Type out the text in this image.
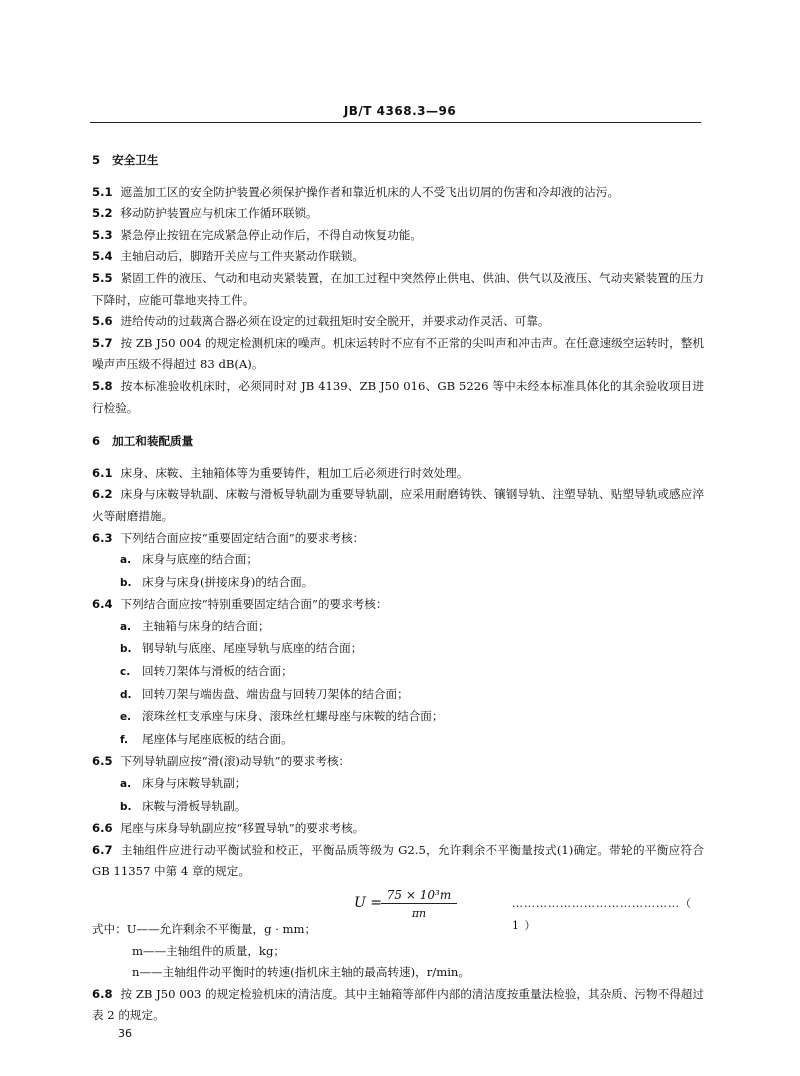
JB/T 4368.3—96
5 安全卫生

5.1 遮盖加工区的安全防护装置必须保护操作者和靠近机床的人不受飞出切屑的伤害和冷却液的沾污。

5.2 移动防护装置应与机床工作循环联锁。

5.3 紧急停止按钮在完成紧急停止动作后，不得自动恢复功能。

5.4 主轴启动后，脚踏开关应与工件夹紧动作联锁。

5.5 紧固工件的液压、气动和电动夹紧装置，在加工过程中突然停止供电、供油、供气以及液压、气动夹紧装置的压力下降时，应能可靠地夹持工件。

5.6 进给传动的过载离合器必须在设定的过载扭矩时安全脱开，并要求动作灵活、可靠。

5.7 按 ZB J50 004 的规定检测机床的噪声。机床运转时不应有不正常的尖叫声和冲击声。在任意速级空运转时，整机噪声声压级不得超过 83 dB(A)。

5.8 按本标准验收机床时，必须同时对 JB 4139、ZB J50 016、GB 5226 等中未经本标准具体化的其余验收项目进行检验。

6 加工和装配质量

6.1 床身、床鞍、主轴箱体等为重要铸件，粗加工后必须进行时效处理。

6.2 床身与床鞍导轨副、床鞍与滑板导轨副为重要导轨副，应采用耐磨铸铁、镶钢导轨、注塑导轨、贴塑导轨或感应淬火等耐磨措施。

6.3 下列结合面应按“重要固定结合面”的要求考核：

a. 床身与底座的结合面；
b. 床身与床身(拼接床身)的结合面。

6.4 下列结合面应按“特别重要固定结合面”的要求考核：

a. 主轴箱与床身的结合面；
b. 钢导轨与底座、尾座导轨与底座的结合面；
c. 回转刀架体与滑板的结合面；
d. 回转刀架与端齿盘、端齿盘与回转刀架体的结合面；
e. 滚珠丝杠支承座与床身、滚珠丝杠螺母座与床鞍的结合面；
f. 尾座体与尾座底板的结合面。

6.5 下列导轨副应按“滑(滚)动导轨”的要求考核：

a. 床身与床鞍导轨副；
b. 床鞍与滑板导轨副。

6.6 尾座与床身导轨副应按“移置导轨”的要求考核。

6.7 主轴组件应进行动平衡试验和校正，平衡品质等级为 G2.5，允许剩余不平衡量按式(1)确定。带轮的平衡应符合 GB 11357 中第 4 章的规定。

U = 75 × 10³m
πn
……………………………………（ 1 ）
式中：U——允许剩余不平衡量，g · mm；
m——主轴组件的质量，kg；
n——主轴组件动平衡时的转速(指机床主轴的最高转速)，r/min。

6.8 按 ZB J50 003 的规定检验机床的清洁度。其中主轴箱等部件内部的清洁度按重量法检验，其杂质、污物不得超过表 2 的规定。

36
